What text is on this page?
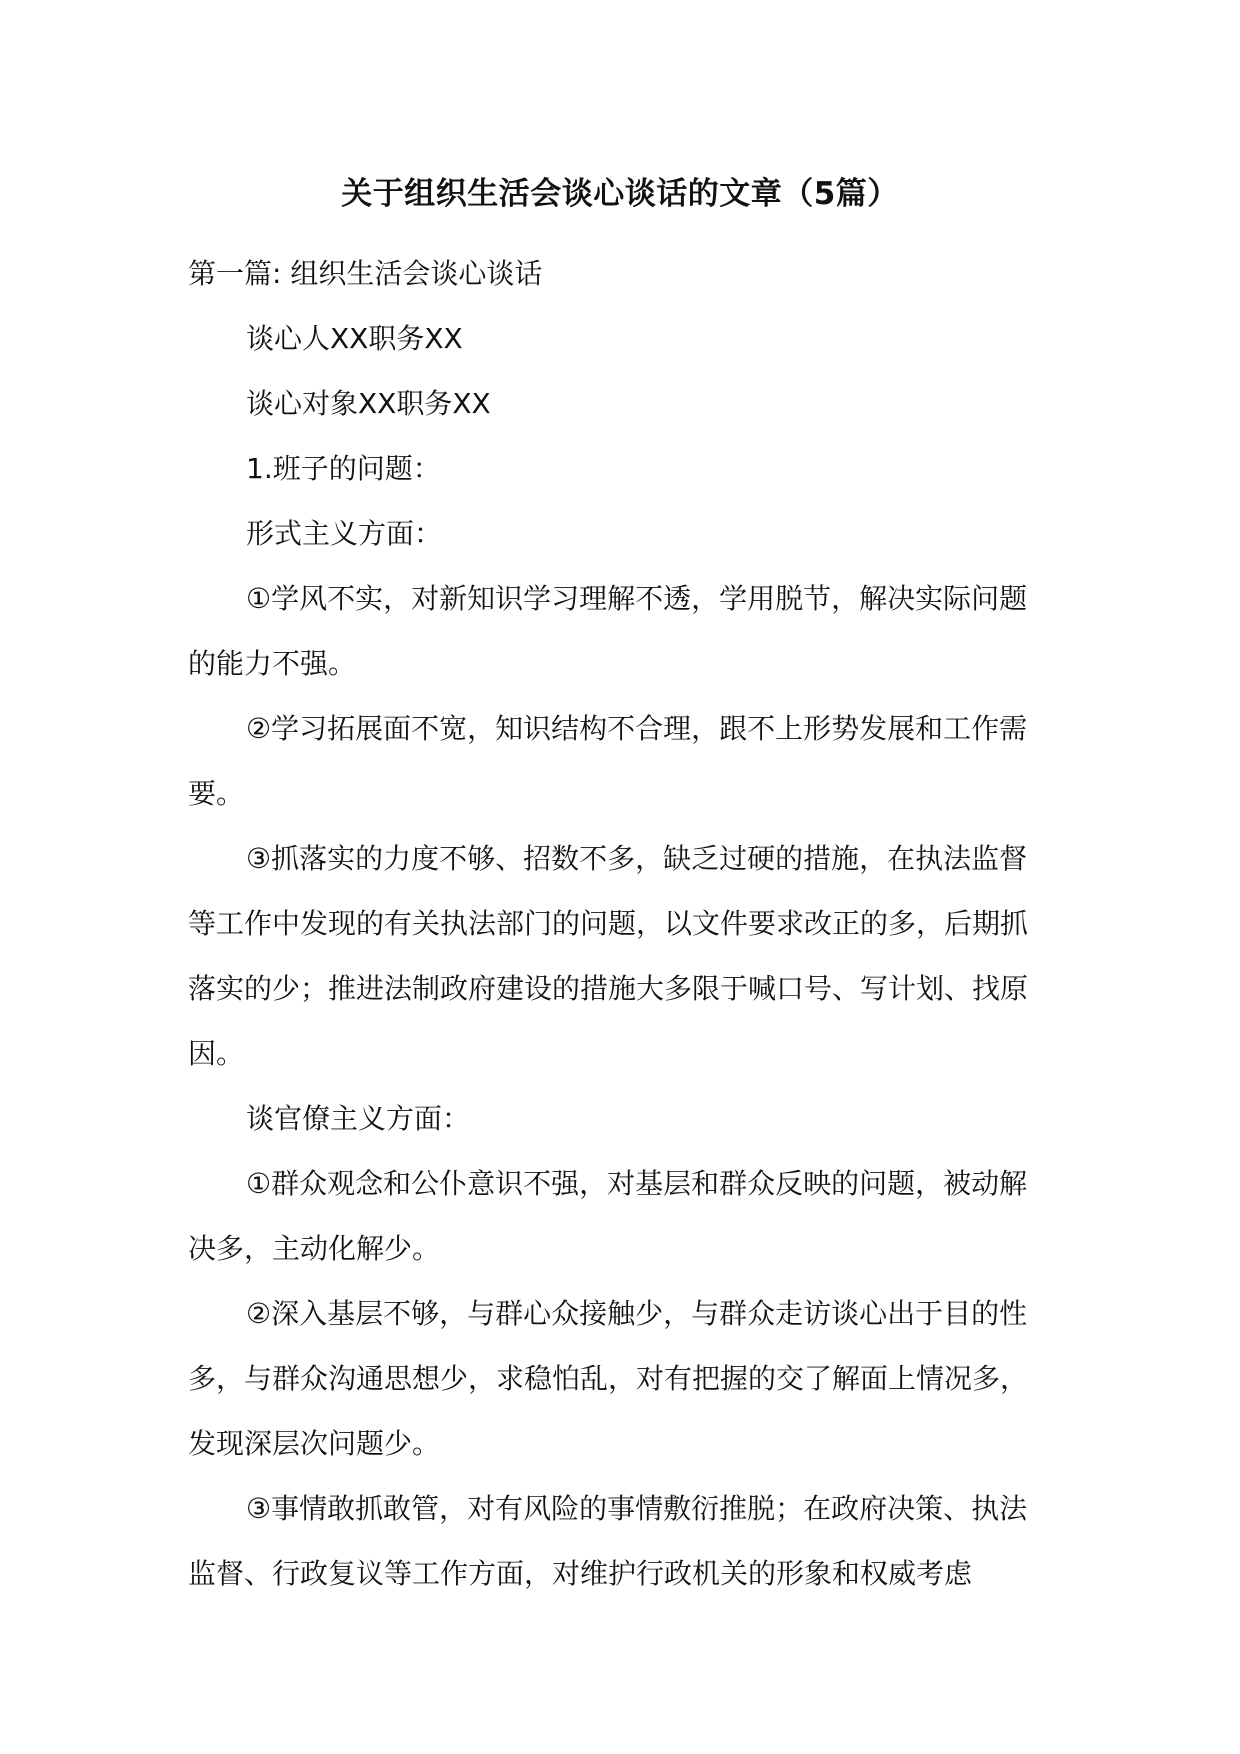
关于组织生活会谈心谈话的文章（5篇）

第一篇: 组织生活会谈心谈话

谈心人XX职务XX

谈心对象XX职务XX

1.班子的问题：

形式主义方面：

①学风不实，对新知识学习理解不透，学用脱节，解决实际问题的能力不强。

②学习拓展面不宽，知识结构不合理，跟不上形势发展和工作需要。

③抓落实的力度不够、招数不多，缺乏过硬的措施，在执法监督等工作中发现的有关执法部门的问题，以文件要求改正的多，后期抓落实的少；推进法制政府建设的措施大多限于喊口号、写计划、找原因。

谈官僚主义方面：

①群众观念和公仆意识不强，对基层和群众反映的问题，被动解决多，主动化解少。

②深入基层不够，与群心众接触少，与群众走访谈心出于目的性多，与群众沟通思想少，求稳怕乱，对有把握的交了解面上情况多，发现深层次问题少。

③事情敢抓敢管，对有风险的事情敷衍推脱；在政府决策、执法监督、行政复议等工作方面，对维护行政机关的形象和权威考虑
